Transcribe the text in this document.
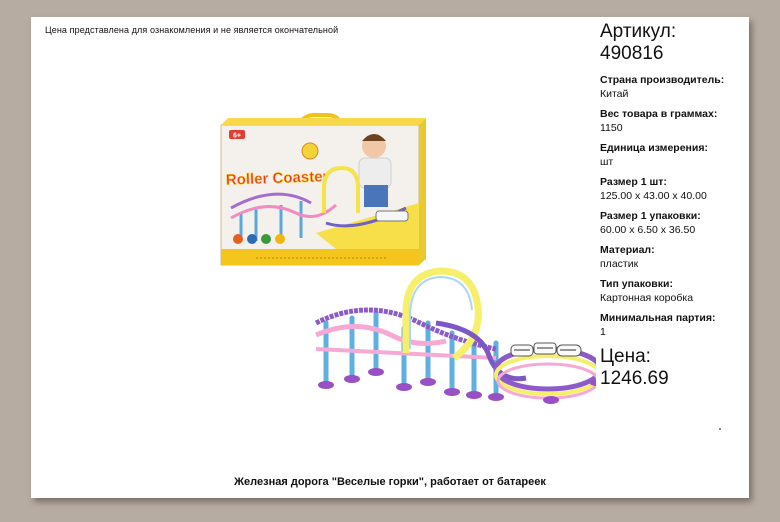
Цена представлена для ознакомления и не является окончательной
6+
Roller Coaster
Артикул:
490816
Страна производитель:
Китай
Вес товара в граммах:
1150
Единица измерения:
шт
Размер 1 шт:
125.00 x 43.00 x 40.00
Размер 1 упаковки:
60.00 x 6.50 x 36.50
Материал:
пластик
Тип упаковки:
Картонная коробка
Минимальная партия:
1
Цена:
1246.69
Железная дорога "Веселые горки", работает от батареек
